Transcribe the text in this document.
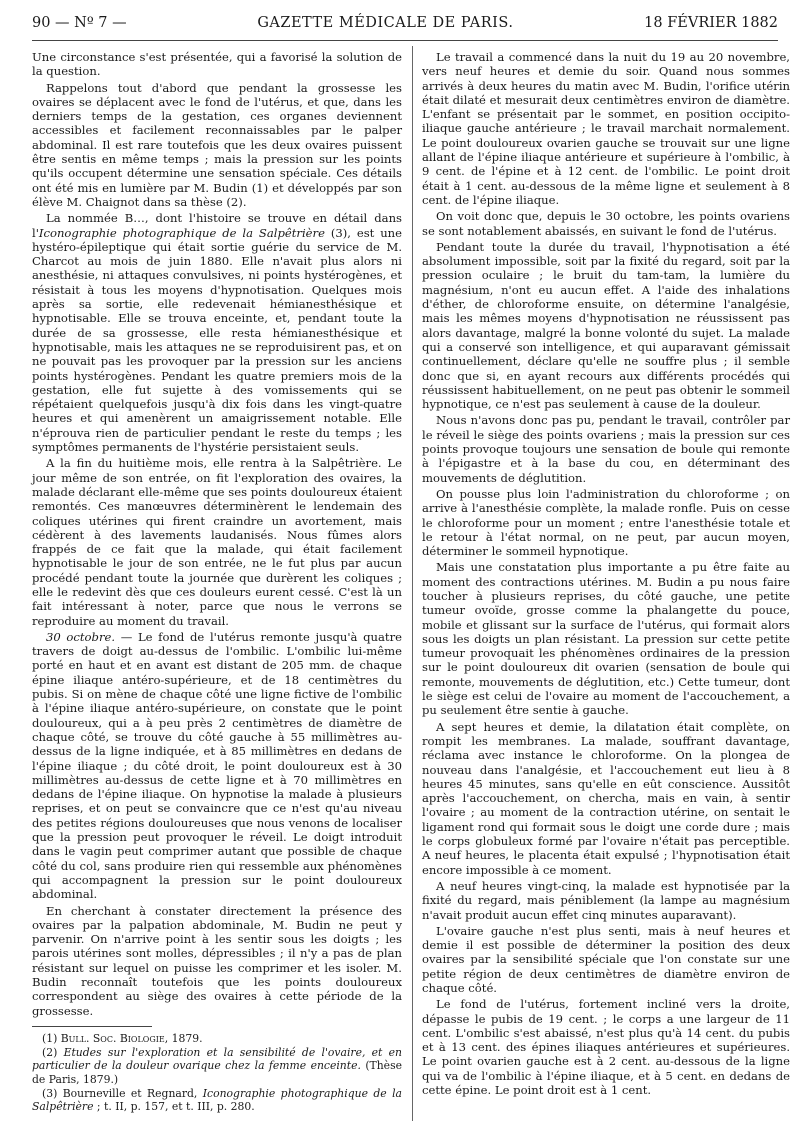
90 — Nº 7 —	GAZETTE MÉDICALE DE PARIS.	18 FÉVRIER 1882

Une circonstance s'est présentée, qui a favorisé la solution de la question.

Rappelons tout d'abord que pendant la grossesse les ovaires se déplacent avec le fond de l'utérus, et que, dans les derniers temps de la gestation, ces organes deviennent accessibles et facilement reconnaissables par le palper abdominal. Il est rare toutefois que les deux ovaires puissent être sentis en même temps ; mais la pression sur les points qu'ils occupent détermine une sensation spéciale. Ces détails ont été mis en lumière par M. Budin (1) et développés par son élève M. Chaignot dans sa thèse (2).

La nommée B…, dont l'histoire se trouve en détail dans l'Iconographie photographique de la Salpêtrière (3), est une hystéro-épileptique qui était sortie guérie du service de M. Charcot au mois de juin 1880. Elle n'avait plus alors ni anesthésie, ni attaques convulsives, ni points hystérogènes, et résistait à tous les moyens d'hypnotisation. Quelques mois après sa sortie, elle redevenait hémianesthésique et hypnotisable. Elle se trouva enceinte, et, pendant toute la durée de sa grossesse, elle resta hémianesthésique et hypnotisable, mais les attaques ne se reproduisirent pas, et on ne pouvait pas les provoquer par la pression sur les anciens points hystérogènes. Pendant les quatre premiers mois de la gestation, elle fut sujette à des vomissements qui se répétaient quelquefois jusqu'à dix fois dans les vingt-quatre heures et qui amenèrent un amaigrissement notable. Elle n'éprouva rien de particulier pendant le reste du temps ; les symptômes permanents de l'hystérie persistaient seuls.

A la fin du huitième mois, elle rentra à la Salpêtrière. Le jour même de son entrée, on fit l'exploration des ovaires, la malade déclarant elle-même que ses points douloureux étaient remontés. Ces manœuvres déterminèrent le lendemain des coliques utérines qui firent craindre un avortement, mais cédèrent à des lavements laudanisés. Nous fûmes alors frappés de ce fait que la malade, qui était facilement hypnotisable le jour de son entrée, ne le fut plus par aucun procédé pendant toute la journée que durèrent les coliques ; elle le redevint dès que ces douleurs eurent cessé. C'est là un fait intéressant à noter, parce que nous le verrons se reproduire au moment du travail.

30 octobre. — Le fond de l'utérus remonte jusqu'à quatre travers de doigt au-dessus de l'ombilic. L'ombilic lui-même porté en haut et en avant est distant de 205 mm. de chaque épine iliaque antéro-supérieure, et de 18 centimètres du pubis. Si on mène de chaque côté une ligne fictive de l'ombilic à l'épine iliaque antéro-supérieure, on constate que le point douloureux, qui a à peu près 2 centimètres de diamètre de chaque côté, se trouve du côté gauche à 55 millimètres au-dessus de la ligne indiquée, et à 85 millimètres en dedans de l'épine iliaque ; du côté droit, le point douloureux est à 30 millimètres au-dessus de cette ligne et à 70 millimètres en dedans de l'épine iliaque. On hypnotise la malade à plusieurs reprises, et on peut se convaincre que ce n'est qu'au niveau des petites régions douloureuses que nous venons de localiser que la pression peut provoquer le réveil. Le doigt introduit dans le vagin peut comprimer autant que possible de chaque côté du col, sans produire rien qui ressemble aux phénomènes qui accompagnent la pression sur le point douloureux abdominal.

En cherchant à constater directement la présence des ovaires par la palpation abdominale, M. Budin ne peut y parvenir. On n'arrive point à les sentir sous les doigts ; les parois utérines sont molles, dépressibles ; il n'y a pas de plan résistant sur lequel on puisse les comprimer et les isoler. M. Budin reconnaît toutefois que les points douloureux correspondent au siège des ovaires à cette période de la grossesse.

(1) Bull. Soc. Biologie, 1879.

(2) Etudes sur l'exploration et la sensibilité de l'ovaire, et en particulier de la douleur ovarique chez la femme enceinte. (Thèse de Paris, 1879.)

(3) Bourneville et Regnard, Iconographie photographique de la Salpêtrière ; t. II, p. 157, et t. III, p. 280.

Le travail a commencé dans la nuit du 19 au 20 novembre, vers neuf heures et demie du soir. Quand nous sommes arrivés à deux heures du matin avec M. Budin, l'orifice utérin était dilaté et mesurait deux centimètres environ de diamètre. L'enfant se présentait par le sommet, en position occipito-iliaque gauche antérieure ; le travail marchait normalement. Le point douloureux ovarien gauche se trouvait sur une ligne allant de l'épine iliaque antérieure et supérieure à l'ombilic, à 9 cent. de l'épine et à 12 cent. de l'ombilic. Le point droit était à 1 cent. au-dessous de la même ligne et seulement à 8 cent. de l'épine iliaque.

On voit donc que, depuis le 30 octobre, les points ovariens se sont notablement abaissés, en suivant le fond de l'utérus.

Pendant toute la durée du travail, l'hypnotisation a été absolument impossible, soit par la fixité du regard, soit par la pression oculaire ; le bruit du tam-tam, la lumière du magnésium, n'ont eu aucun effet. A l'aide des inhalations d'éther, de chloroforme ensuite, on détermine l'analgésie, mais les mêmes moyens d'hypnotisation ne réussissent pas alors davantage, malgré la bonne volonté du sujet. La malade qui a conservé son intelligence, et qui auparavant gémissait continuellement, déclare qu'elle ne souffre plus ; il semble donc que si, en ayant recours aux différents procédés qui réussissent habituellement, on ne peut pas obtenir le sommeil hypnotique, ce n'est pas seulement à cause de la douleur.

Nous n'avons donc pas pu, pendant le travail, contrôler par le réveil le siège des points ovariens ; mais la pression sur ces points provoque toujours une sensation de boule qui remonte à l'épigastre et à la base du cou, en déterminant des mouvements de déglutition.

On pousse plus loin l'administration du chloroforme ; on arrive à l'anesthésie complète, la malade ronfle. Puis on cesse le chloroforme pour un moment ; entre l'anesthésie totale et le retour à l'état normal, on ne peut, par aucun moyen, déterminer le sommeil hypnotique.

Mais une constatation plus importante a pu être faite au moment des contractions utérines. M. Budin a pu nous faire toucher à plusieurs reprises, du côté gauche, une petite tumeur ovoïde, grosse comme la phalangette du pouce, mobile et glissant sur la surface de l'utérus, qui formait alors sous les doigts un plan résistant. La pression sur cette petite tumeur provoquait les phénomènes ordinaires de la pression sur le point douloureux dit ovarien (sensation de boule qui remonte, mouvements de déglutition, etc.) Cette tumeur, dont le siège est celui de l'ovaire au moment de l'accouchement, a pu seulement être sentie à gauche.

A sept heures et demie, la dilatation était complète, on rompit les membranes. La malade, souffrant davantage, réclama avec instance le chloroforme. On la plongea de nouveau dans l'analgésie, et l'accouchement eut lieu à 8 heures 45 minutes, sans qu'elle en eût conscience. Aussitôt après l'accouchement, on chercha, mais en vain, à sentir l'ovaire ; au moment de la contraction utérine, on sentait le ligament rond qui formait sous le doigt une corde dure ; mais le corps globuleux formé par l'ovaire n'était pas perceptible. A neuf heures, le placenta était expulsé ; l'hypnotisation était encore impossible à ce moment.

A neuf heures vingt-cinq, la malade est hypnotisée par la fixité du regard, mais péniblement (la lampe au magnésium n'avait produit aucun effet cinq minutes auparavant).

L'ovaire gauche n'est plus senti, mais à neuf heures et demie il est possible de déterminer la position des deux ovaires par la sensibilité spéciale que l'on constate sur une petite région de deux centimètres de diamètre environ de chaque côté.

Le fond de l'utérus, fortement incliné vers la droite, dépasse le pubis de 19 cent. ; le corps a une largeur de 11 cent. L'ombilic s'est abaissé, n'est plus qu'à 14 cent. du pubis et à 13 cent. des épines iliaques antérieures et supérieures. Le point ovarien gauche est à 2 cent. au-dessous de la ligne qui va de l'ombilic à l'épine iliaque, et à 5 cent. en dedans de cette épine. Le point droit est à 1 cent.
